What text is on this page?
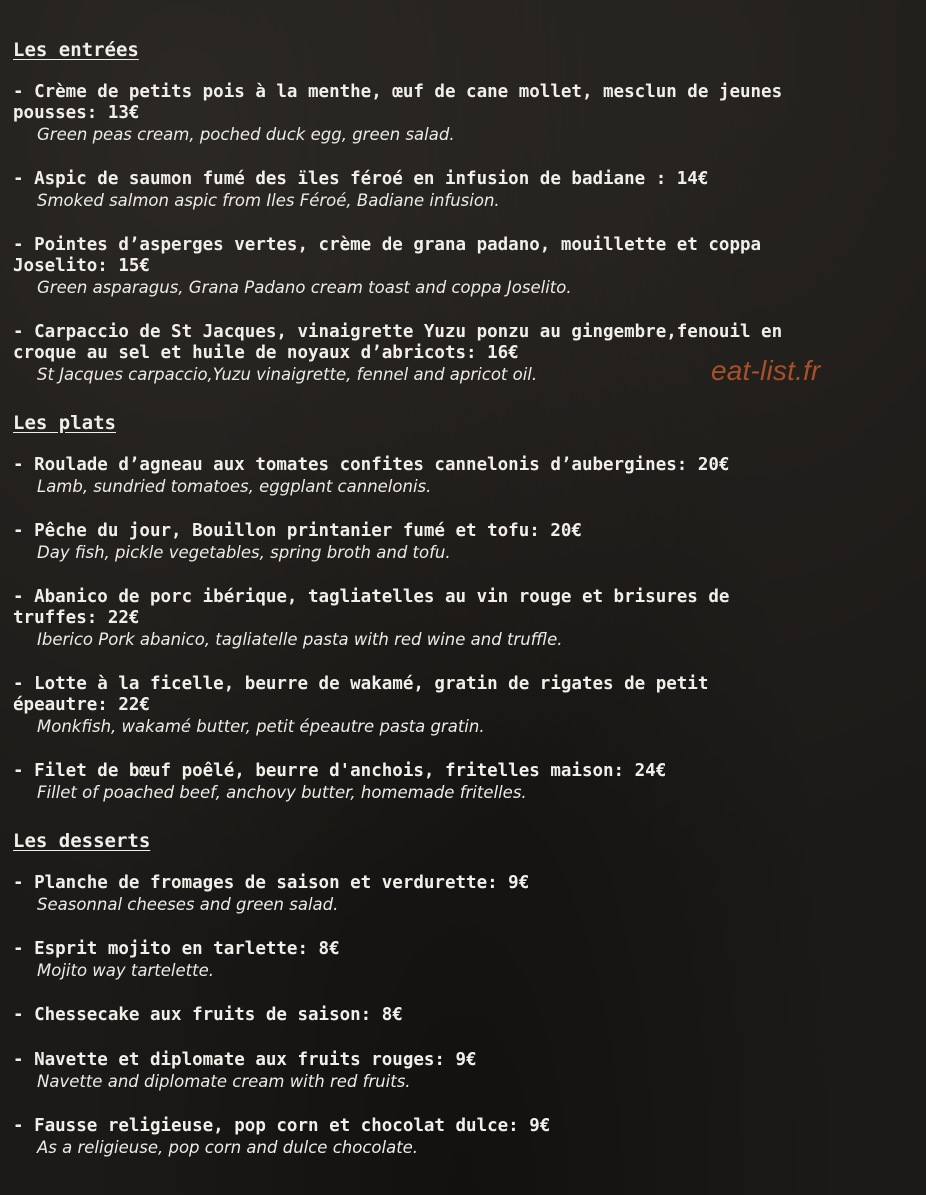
Les entrées
- Crème de petits pois à la menthe, œuf de cane mollet, mesclun de jeunes
pousses: 13€
Green peas cream, poched duck egg, green salad.
- Aspic de saumon fumé des ïles féroé en infusion de badiane : 14€
Smoked salmon aspic from Iles Féroé, Badiane infusion.
- Pointes d’asperges vertes, crème de grana padano, mouillette et coppa
Joselito: 15€
Green asparagus, Grana Padano cream toast and coppa Joselito.
- Carpaccio de St Jacques, vinaigrette Yuzu ponzu au gingembre,fenouil en
croque au sel et huile de noyaux d’abricots: 16€
St Jacques carpaccio,Yuzu vinaigrette, fennel and apricot oil.
Les plats
- Roulade d’agneau aux tomates confites cannelonis d’aubergines: 20€
Lamb, sundried tomatoes, eggplant cannelonis.
- Pêche du jour, Bouillon printanier fumé et tofu: 20€
Day fish, pickle vegetables, spring broth and tofu.
- Abanico de porc ibérique, tagliatelles au vin rouge et brisures de
truffes: 22€
Iberico Pork abanico, tagliatelle pasta with red wine and truffle.
- Lotte à la ficelle, beurre de wakamé, gratin de rigates de petit
épeautre: 22€
Monkfish, wakamé butter, petit épeautre pasta gratin.
- Filet de bœuf poêlé, beurre d'anchois, fritelles maison: 24€
Fillet of poached beef, anchovy butter, homemade fritelles.
Les desserts
- Planche de fromages de saison et verdurette: 9€
Seasonnal cheeses and green salad.
- Esprit mojito en tarlette: 8€
Mojito way tartelette.
- Chessecake aux fruits de saison: 8€
- Navette et diplomate aux fruits rouges: 9€
Navette and diplomate cream with red fruits.
- Fausse religieuse, pop corn et chocolat dulce: 9€
As a religieuse, pop corn and dulce chocolate.
eat-list.fr
